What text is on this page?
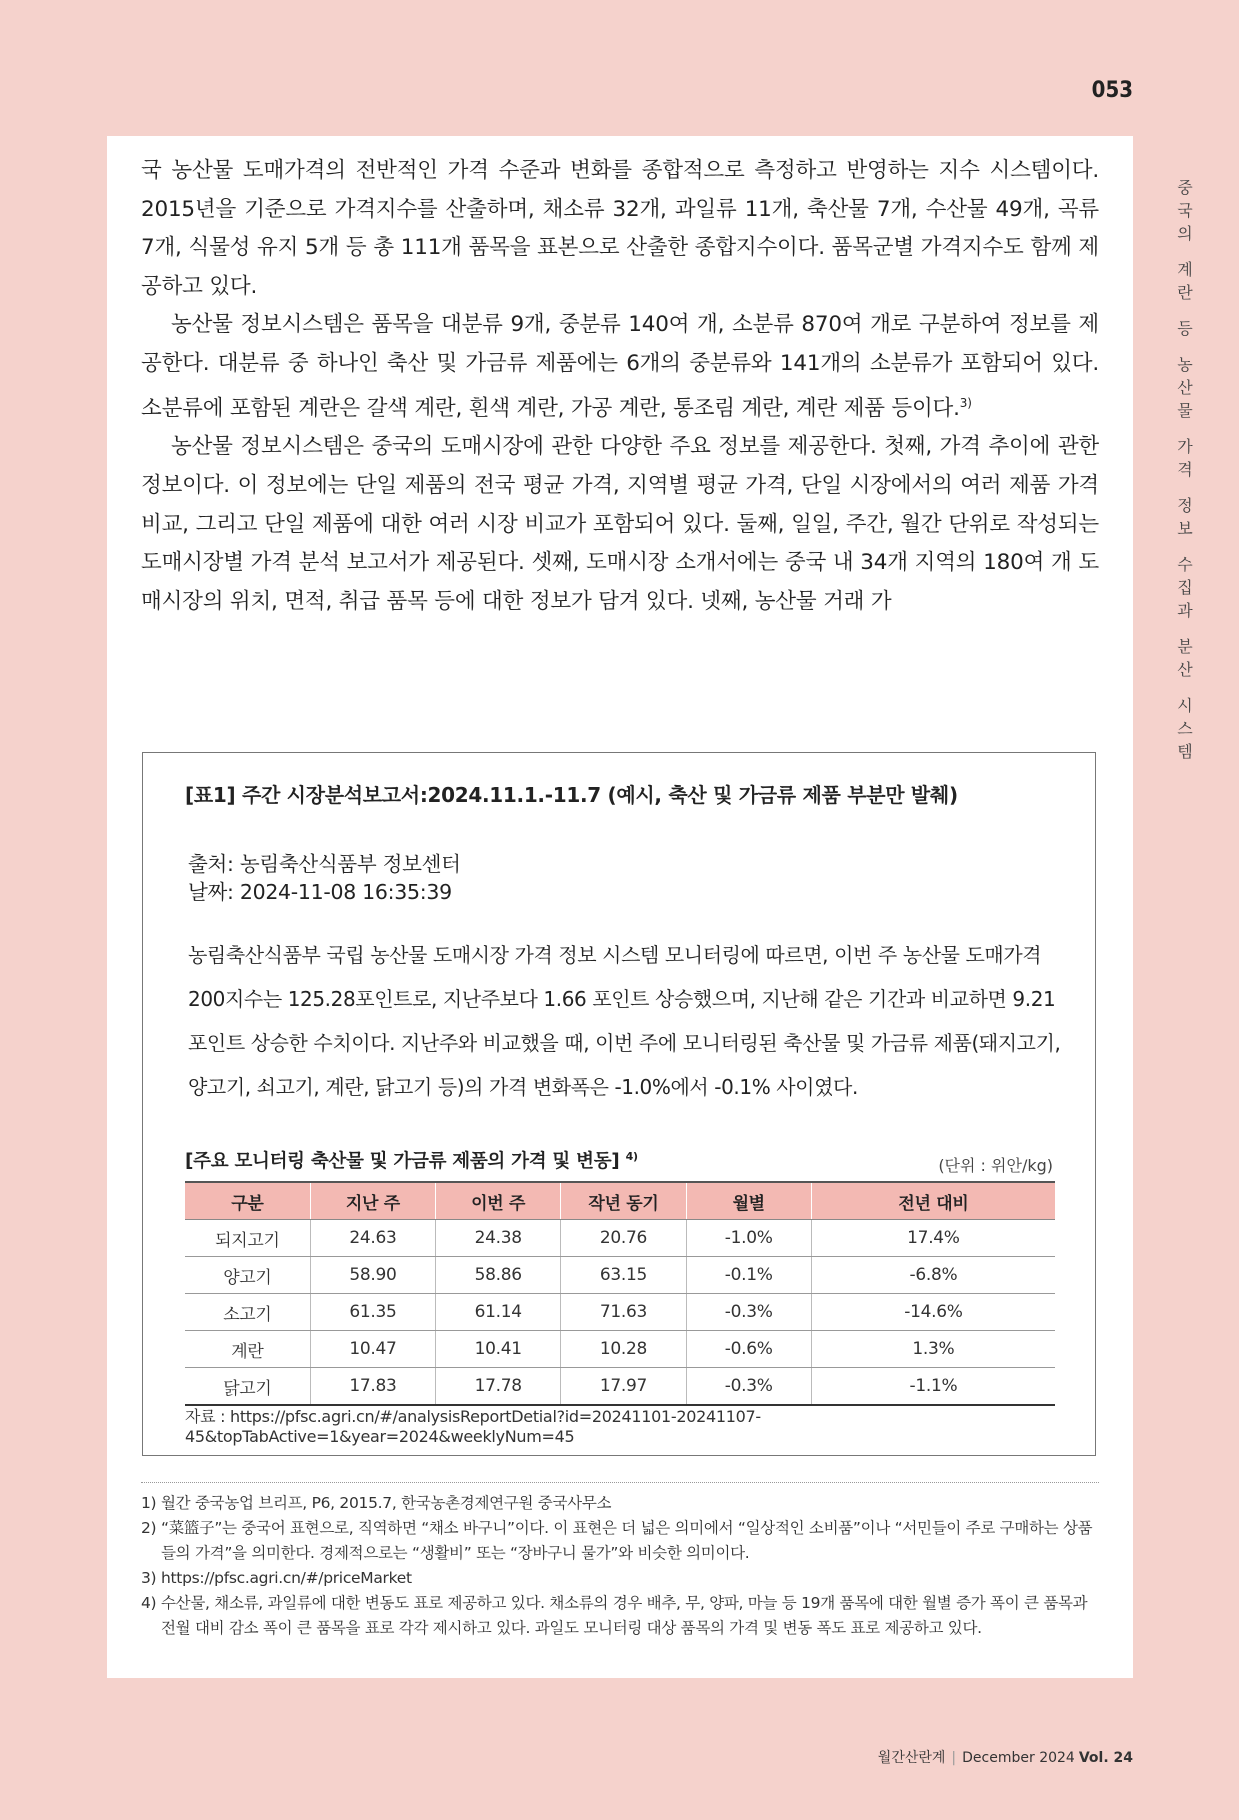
053
중
국
의
계
란
등
농
산
물
가
격
정
보
수
집
과
분
산
시
스
템

국 농산물 도매가격의 전반적인 가격 수준과 변화를 종합적으로 측정하고 반영하는 지수 시스템이다. 2015년을 기준으로 가격지수를 산출하며, 채소류 32개, 과일류 11개, 축산물 7개, 수산물 49개, 곡류 7개, 식물성 유지 5개 등 총 111개 품목을 표본으로 산출한 종합지수이다. 품목군별 가격지수도 함께 제공하고 있다.

농산물 정보시스템은 품목을 대분류 9개, 중분류 140여 개, 소분류 870여 개로 구분하여 정보를 제공한다. 대분류 중 하나인 축산 및 가금류 제품에는 6개의 중분류와 141개의 소분류가 포함되어 있다. 소분류에 포함된 계란은 갈색 계란, 흰색 계란, 가공 계란, 통조림 계란, 계란 제품 등이다.$^{3)}$

농산물 정보시스템은 중국의 도매시장에 관한 다양한 주요 정보를 제공한다. 첫째, 가격 추이에 관한 정보이다. 이 정보에는 단일 제품의 전국 평균 가격, 지역별 평균 가격, 단일 시장에서의 여러 제품 가격 비교, 그리고 단일 제품에 대한 여러 시장 비교가 포함되어 있다. 둘째, 일일, 주간, 월간 단위로 작성되는 도매시장별 가격 분석 보고서가 제공된다. 셋째, 도매시장 소개서에는 중국 내 34개 지역의 180여 개 도매시장의 위치, 면적, 취급 품목 등에 대한 정보가 담겨 있다. 넷째, 농산물 거래 가

[표1] 주간 시장분석보고서:2024.11.1.-11.7 (예시, 축산 및 가금류 제품 부분만 발췌)
출처: 농림축산식품부 정보센터
날짜: 2024-11-08 16:35:39

농림축산식품부 국립 농산물 도매시장 가격 정보 시스템 모니터링에 따르면, 이번 주 농산물 도매가격 200지수는 125.28포인트로, 지난주보다 1.66 포인트 상승했으며, 지난해 같은 기간과 비교하면 9.21 포인트 상승한 수치이다. 지난주와 비교했을 때, 이번 주에 모니터링된 축산물 및 가금류 제품(돼지고기, 양고기, 쇠고기, 계란, 닭고기 등)의 가격 변화폭은 -1.0%에서 -0.1% 사이였다.

[주요 모니터링 축산물 및 가금류 제품의 가격 및 변동] $^{4)}$	(단위 : 위안/kg)
구분	지난 주	이번 주	작년 동기	월별	전년 대비
되지고기	24.63	24.38	20.76	-1.0%	17.4%
양고기	58.90	58.86	63.15	-0.1%	-6.8%
소고기	61.35	61.14	71.63	-0.3%	-14.6%
계란	10.47	10.41	10.28	-0.6%	1.3%
닭고기	17.83	17.78	17.97	-0.3%	-1.1%
자료 : https://pfsc.agri.cn/#/analysisReportDetial?id=20241101-20241107-45&topTabActive=1&year=2024&weeklyNum=45
1) 월간 중국농업 브리프, P6, 2015.7, 한국농촌경제연구원 중국사무소
2) “菜篮子”는 중국어 표현으로, 직역하면 “채소 바구니”이다. 이 표현은 더 넓은 의미에서 “일상적인 소비품”이나 “서민들이 주로 구매하는 상품들의 가격”을 의미한다. 경제적으로는 “생활비” 또는 “장바구니 물가”와 비슷한 의미이다.
3) https://pfsc.agri.cn/#/priceMarket
4) 수산물, 채소류, 과일류에 대한 변동도 표로 제공하고 있다. 채소류의 경우 배추, 무, 양파, 마늘 등 19개 품목에 대한 월별 증가 폭이 큰 품목과 전월 대비 감소 폭이 큰 품목을 표로 각각 제시하고 있다. 과일도 모니터링 대상 품목의 가격 및 변동 폭도 표로 제공하고 있다.
월간산란계 | December 2024 Vol. 24
